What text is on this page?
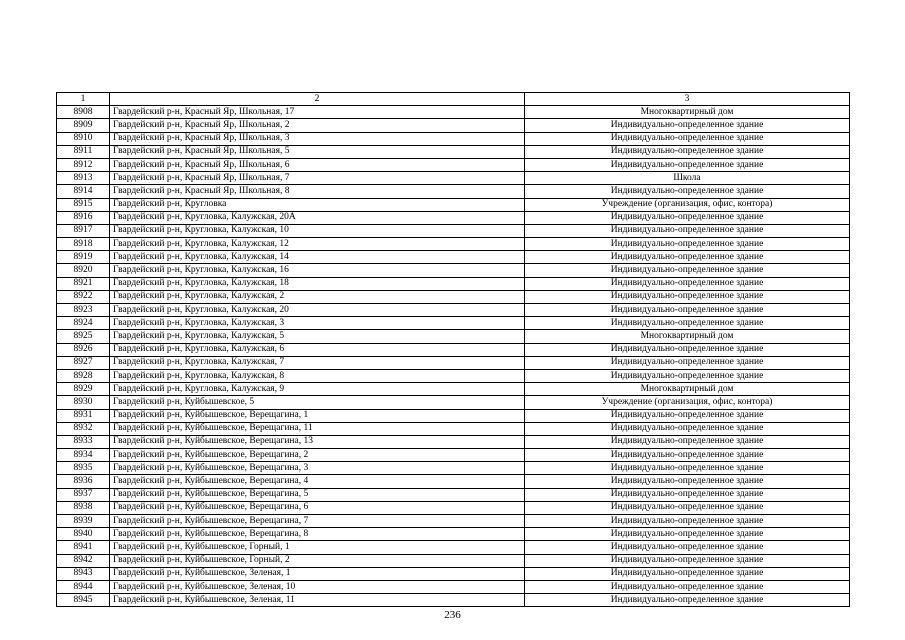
1	2	3
8908	Гвардейский р-н, Красный Яр, Школьная, 17	Многоквартирный дом
8909	Гвардейский р-н, Красный Яр, Школьная, 2	Индивидуально-определенное здание
8910	Гвардейский р-н, Красный Яр, Школьная, 3	Индивидуально-определенное здание
8911	Гвардейский р-н, Красный Яр, Школьная, 5	Индивидуально-определенное здание
8912	Гвардейский р-н, Красный Яр, Школьная, 6	Индивидуально-определенное здание
8913	Гвардейский р-н, Красный Яр, Школьная, 7	Школа
8914	Гвардейский р-н, Красный Яр, Школьная, 8	Индивидуально-определенное здание
8915	Гвардейский р-н, Кругловка	Учреждение (организация, офис, контора)
8916	Гвардейский р-н, Кругловка, Калужская, 20А	Индивидуально-определенное здание
8917	Гвардейский р-н, Кругловка, Калужская, 10	Индивидуально-определенное здание
8918	Гвардейский р-н, Кругловка, Калужская, 12	Индивидуально-определенное здание
8919	Гвардейский р-н, Кругловка, Калужская, 14	Индивидуально-определенное здание
8920	Гвардейский р-н, Кругловка, Калужская, 16	Индивидуально-определенное здание
8921	Гвардейский р-н, Кругловка, Калужская, 18	Индивидуально-определенное здание
8922	Гвардейский р-н, Кругловка, Калужская, 2	Индивидуально-определенное здание
8923	Гвардейский р-н, Кругловка, Калужская, 20	Индивидуально-определенное здание
8924	Гвардейский р-н, Кругловка, Калужская, 3	Индивидуально-определенное здание
8925	Гвардейский р-н, Кругловка, Калужская, 5	Многоквартирный дом
8926	Гвардейский р-н, Кругловка, Калужская, 6	Индивидуально-определенное здание
8927	Гвардейский р-н, Кругловка, Калужская, 7	Индивидуально-определенное здание
8928	Гвардейский р-н, Кругловка, Калужская, 8	Индивидуально-определенное здание
8929	Гвардейский р-н, Кругловка, Калужская, 9	Многоквартирный дом
8930	Гвардейский р-н, Куйбышевское, 5	Учреждение (организация, офис, контора)
8931	Гвардейский р-н, Куйбышевское, Верещагина, 1	Индивидуально-определенное здание
8932	Гвардейский р-н, Куйбышевское, Верещагина, 11	Индивидуально-определенное здание
8933	Гвардейский р-н, Куйбышевское, Верещагина, 13	Индивидуально-определенное здание
8934	Гвардейский р-н, Куйбышевское, Верещагина, 2	Индивидуально-определенное здание
8935	Гвардейский р-н, Куйбышевское, Верещагина, 3	Индивидуально-определенное здание
8936	Гвардейский р-н, Куйбышевское, Верещагина, 4	Индивидуально-определенное здание
8937	Гвардейский р-н, Куйбышевское, Верещагина, 5	Индивидуально-определенное здание
8938	Гвардейский р-н, Куйбышевское, Верещагина, 6	Индивидуально-определенное здание
8939	Гвардейский р-н, Куйбышевское, Верещагина, 7	Индивидуально-определенное здание
8940	Гвардейский р-н, Куйбышевское, Верещагина, 8	Индивидуально-определенное здание
8941	Гвардейский р-н, Куйбышевское, Горный, 1	Индивидуально-определенное здание
8942	Гвардейский р-н, Куйбышевское, Горный, 2	Индивидуально-определенное здание
8943	Гвардейский р-н, Куйбышевское, Зеленая, 1	Индивидуально-определенное здание
8944	Гвардейский р-н, Куйбышевское, Зеленая, 10	Индивидуально-определенное здание
8945	Гвардейский р-н, Куйбышевское, Зеленая, 11	Индивидуально-определенное здание
236
